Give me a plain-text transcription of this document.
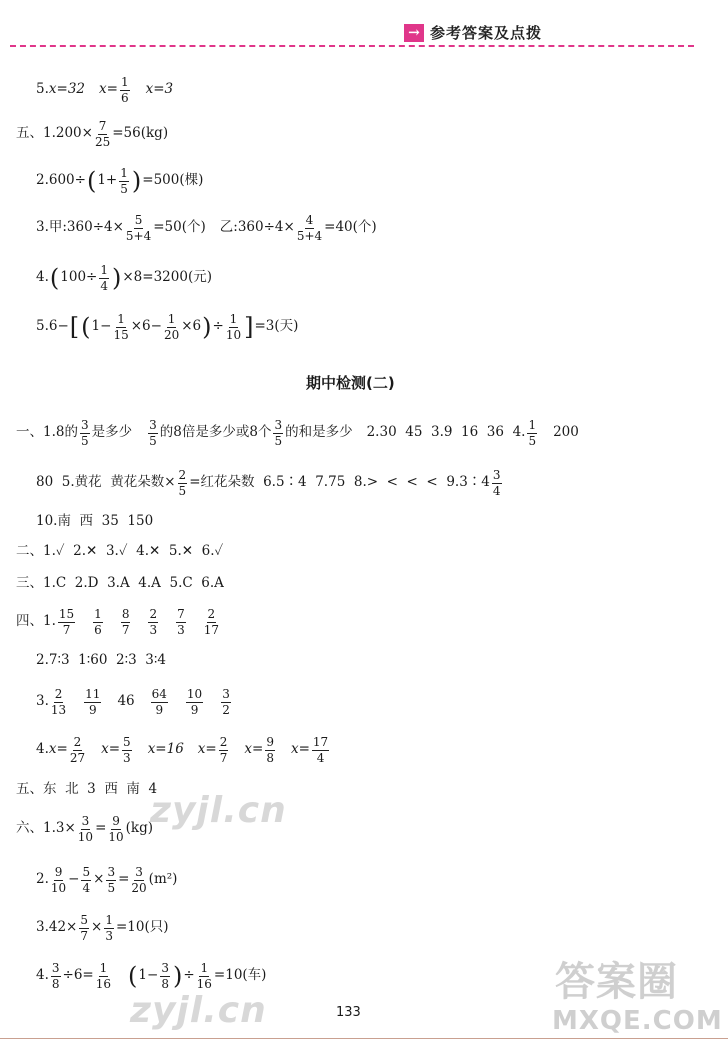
→ 参考答案及点拨
5. x=32 $x= \frac{1}{6} x=3$
五、$1.200\times \frac{7}{25} =56(kg)$
2.600÷ ( $1+ \frac{1}{5}$ ) =500(棵)
3.甲:360÷4× $\frac{5}{5+4} =50$(个) 乙:360÷4× $\frac{4}{5+4} =40$(个)
4. ( $100\div \frac{1}{4}$ ) ×8=3200(元)
5.6− [ ( $1- \frac{1}{15} \times 6- \frac{1}{20} \times 6$ ) ÷ $\frac{1}{10}$ ] =3(天)
期中检测(二)
一、1.8的 $\frac{3}{5}$ 是多少 $\frac{3}{5}$ 的8倍是多少或8个 $\frac{3}{5}$ 的和是多少 2.30  45  3.9  16  36  4. $\frac{1}{5} 200$
80  5.黄花  黄花朵数× $\frac{2}{5}$ =红花朵数  6.5∶4  7.75  8.>  <  <  <  9.3∶4 $\frac{3}{4}$
10.南  西  35  150
二、1.✓  2.✕  3.✓  4.✕  5.✕  6.✓
三、1.C  2.D  3.A  4.A  5.C  6.A
四、1. $\frac{15}{7} \frac{1}{6} \frac{8}{7} \frac{2}{3} \frac{7}{3} \frac{2}{17}$
2.7∶3  1∶60  2∶3  3∶4
3. $\frac{2}{13} \frac{11}{9} 46 \frac{64}{9} \frac{10}{9} \frac{3}{2}$
4. $x= \frac{2}{27} x= \frac{5}{3} x=16$ $x= \frac{2}{7} x= \frac{9}{8} x= \frac{17}{4}$
五、东  北  3  西  南  4
六、$1.3\times \frac{3}{10} = \frac{9}{10} (kg)$
2. $\frac{9}{10} - \frac{5}{4} \times \frac{3}{5} = \frac{3}{20} (m^2)$
$3.42\times \frac{5}{7} \times \frac{1}{3} =10$(只)
4. $\frac{3}{8} \div 6= \frac{1}{16}$ ( $1- \frac{3}{8}$ ) ÷ $\frac{1}{16} =10$(车)
zyjl.cn
zyjl.cn
答案圈
MXQE.COM
133
